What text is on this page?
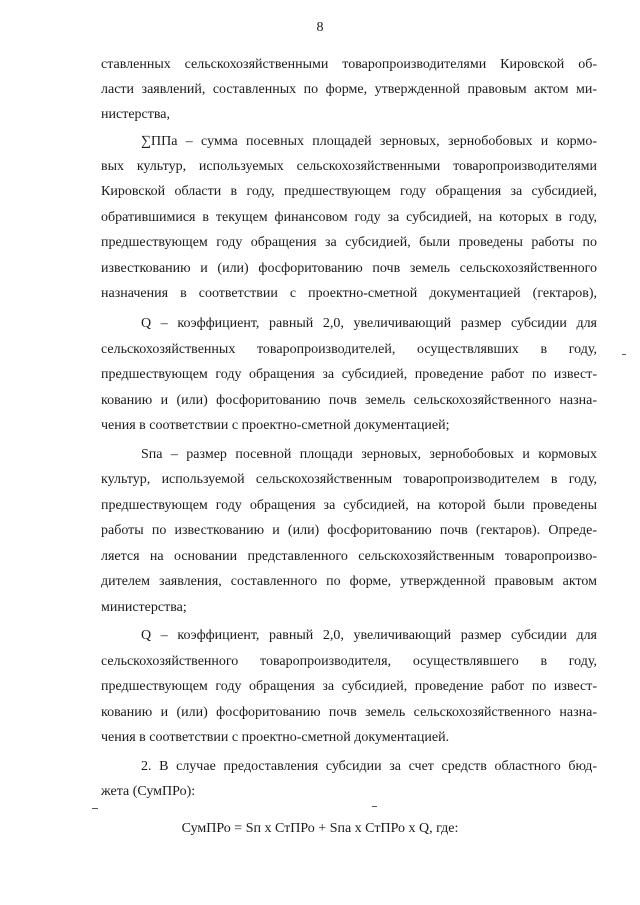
8
ставленных сельскохозяйственными товаропроизводителями Кировской об-
ласти заявлений, составленных по форме, утвержденной правовым актом ми-
нистерства,
∑ППа – сумма посевных площадей зерновых, зернобобовых и кормо-
вых культур, используемых сельскохозяйственными товаропроизводителями
Кировской области в году, предшествующем году обращения за субсидией,
обратившимися в текущем финансовом году за субсидией, на которых в году,
предшествующем году обращения за субсидией, были проведены работы по
известкованию и (или) фосфоритованию почв земель сельскохозяйственного
назначения в соответствии с проектно-сметной документацией (гектаров),
Q – коэффициент, равный 2,0, увеличивающий размер субсидии для
сельскохозяйственных товаропроизводителей, осуществлявших в году,
предшествующем году обращения за субсидией, проведение работ по извест-
кованию и (или) фосфоритованию почв земель сельскохозяйственного назна-
чения в соответствии с проектно-сметной документацией;
Sпа – размер посевной площади зерновых, зернобобовых и кормовых
культур, используемой сельскохозяйственным товаропроизводителем в году,
предшествующем году обращения за субсидией, на которой были проведены
работы по известкованию и (или) фосфоритованию почв (гектаров). Опреде-
ляется на основании представленного сельскохозяйственным товаропроизво-
дителем заявления, составленного по форме, утвержденной правовым актом
министерства;
Q – коэффициент, равный 2,0, увеличивающий размер субсидии для
сельскохозяйственного товаропроизводителя, осуществлявшего в году,
предшествующем году обращения за субсидией, проведение работ по извест-
кованию и (или) фосфоритованию почв земель сельскохозяйственного назна-
чения в соответствии с проектно-сметной документацией.
2. В случае предоставления субсидии за счет средств областного бюд-
жета (СумПРо):
СумПРо = Sп х СтПРо + Sпа х СтПРо х Q, где:
